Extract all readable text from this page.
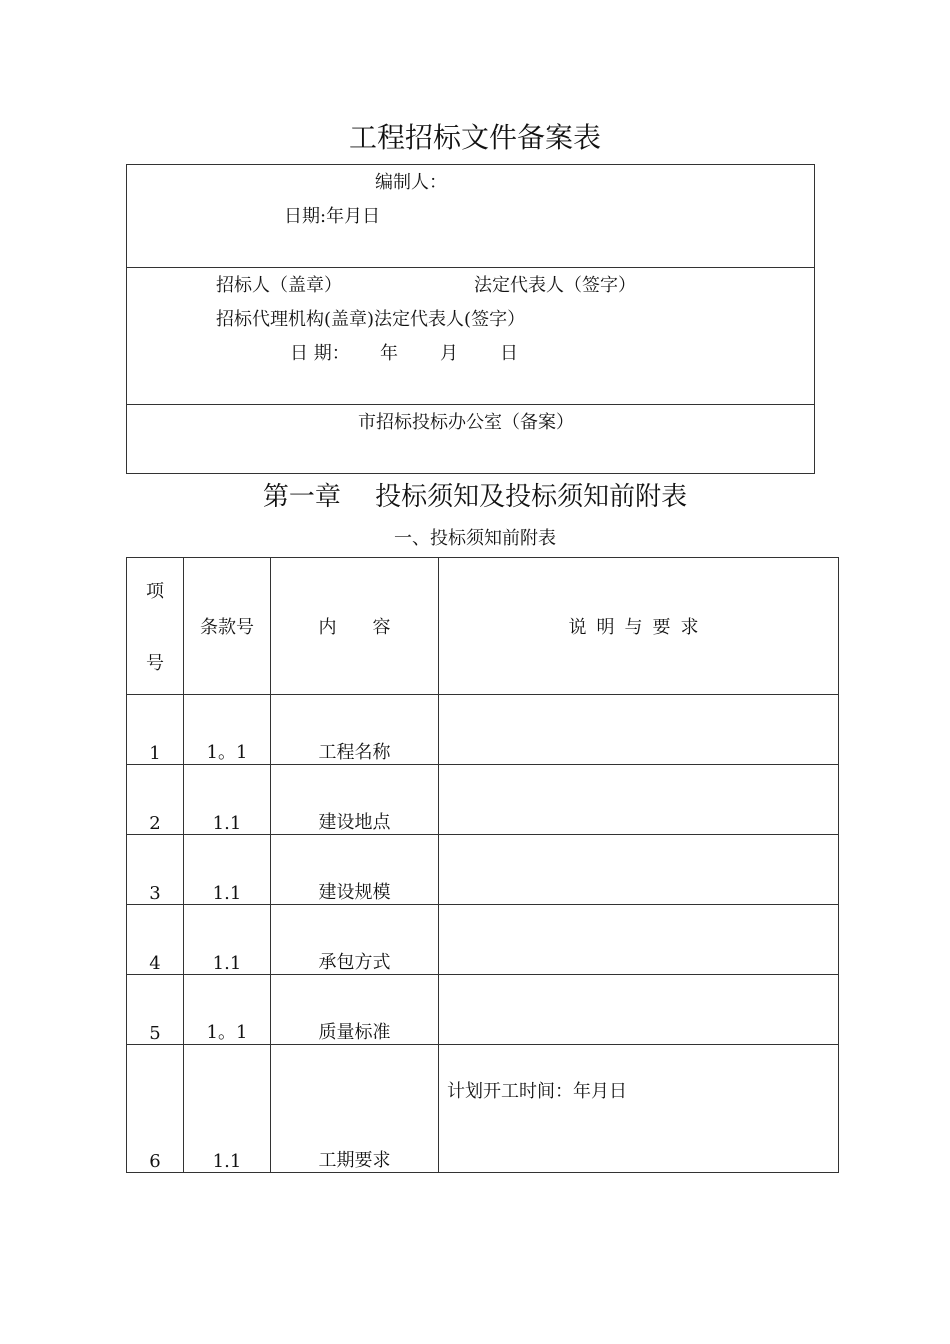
工程招标文件备案表
编制人：
日期:年月日
招标人（盖章）	法定代表人（签字）
招标代理机构(盖章)法定代表人(签字）
日 期： 年 月 日
市招标投标办公室（备案）
第一章　 投标须知及投标须知前附表
一、投标须知前附表
项
号	条款号	内　　容	说明与要求
1	1。1	工程名称	
2	1.1	建设地点	
3	1.1	建设规模	
4	1.1	承包方式	
5	1。1	质量标准	
6	1.1	工期要求	计划开工时间：年月日
